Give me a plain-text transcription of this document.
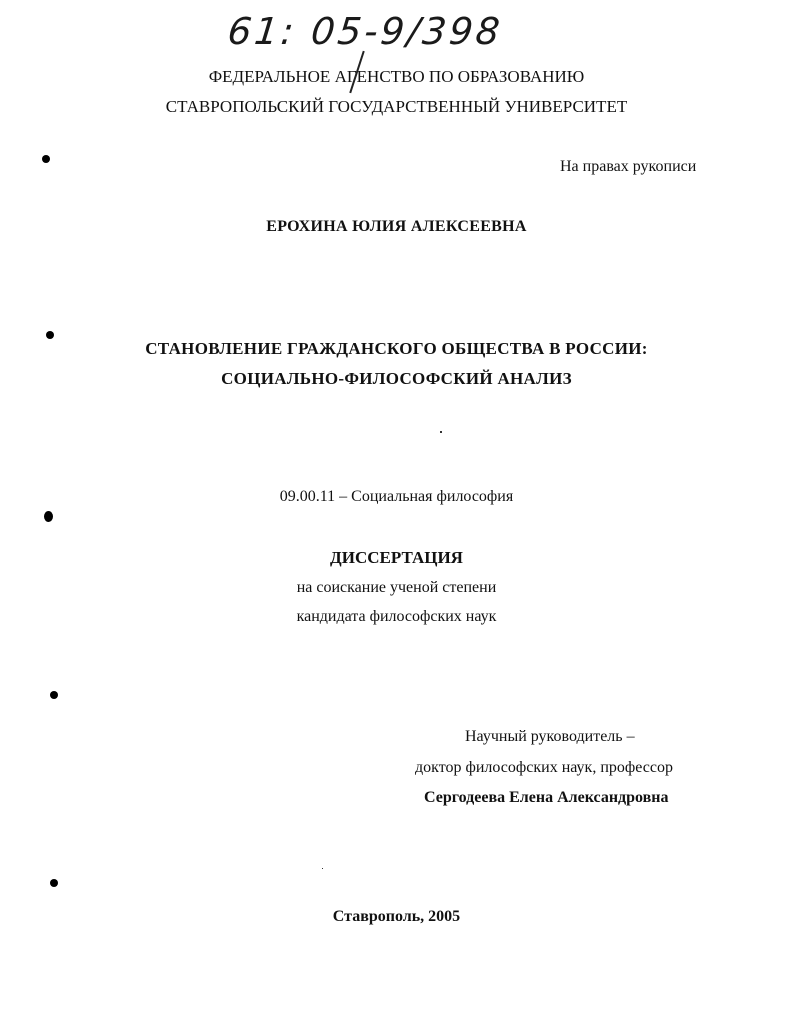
61: 05-9/398
ФЕДЕРАЛЬНОЕ АГЕНСТВО ПО ОБРАЗОВАНИЮ
СТАВРОПОЛЬСКИЙ ГОСУДАРСТВЕННЫЙ УНИВЕРСИТЕТ
На правах рукописи
ЕРОХИНА ЮЛИЯ АЛЕКСЕЕВНА
СТАНОВЛЕНИЕ ГРАЖДАНСКОГО ОБЩЕСТВА В РОССИИ:
СОЦИАЛЬНО-ФИЛОСОФСКИЙ АНАЛИЗ
09.00.11 – Социальная философия
ДИССЕРТАЦИЯ
на соискание ученой степени
кандидата философских наук
Научный руководитель –
доктор философских наук, профессор
Сергодеева Елена Александровна
Ставрополь, 2005
